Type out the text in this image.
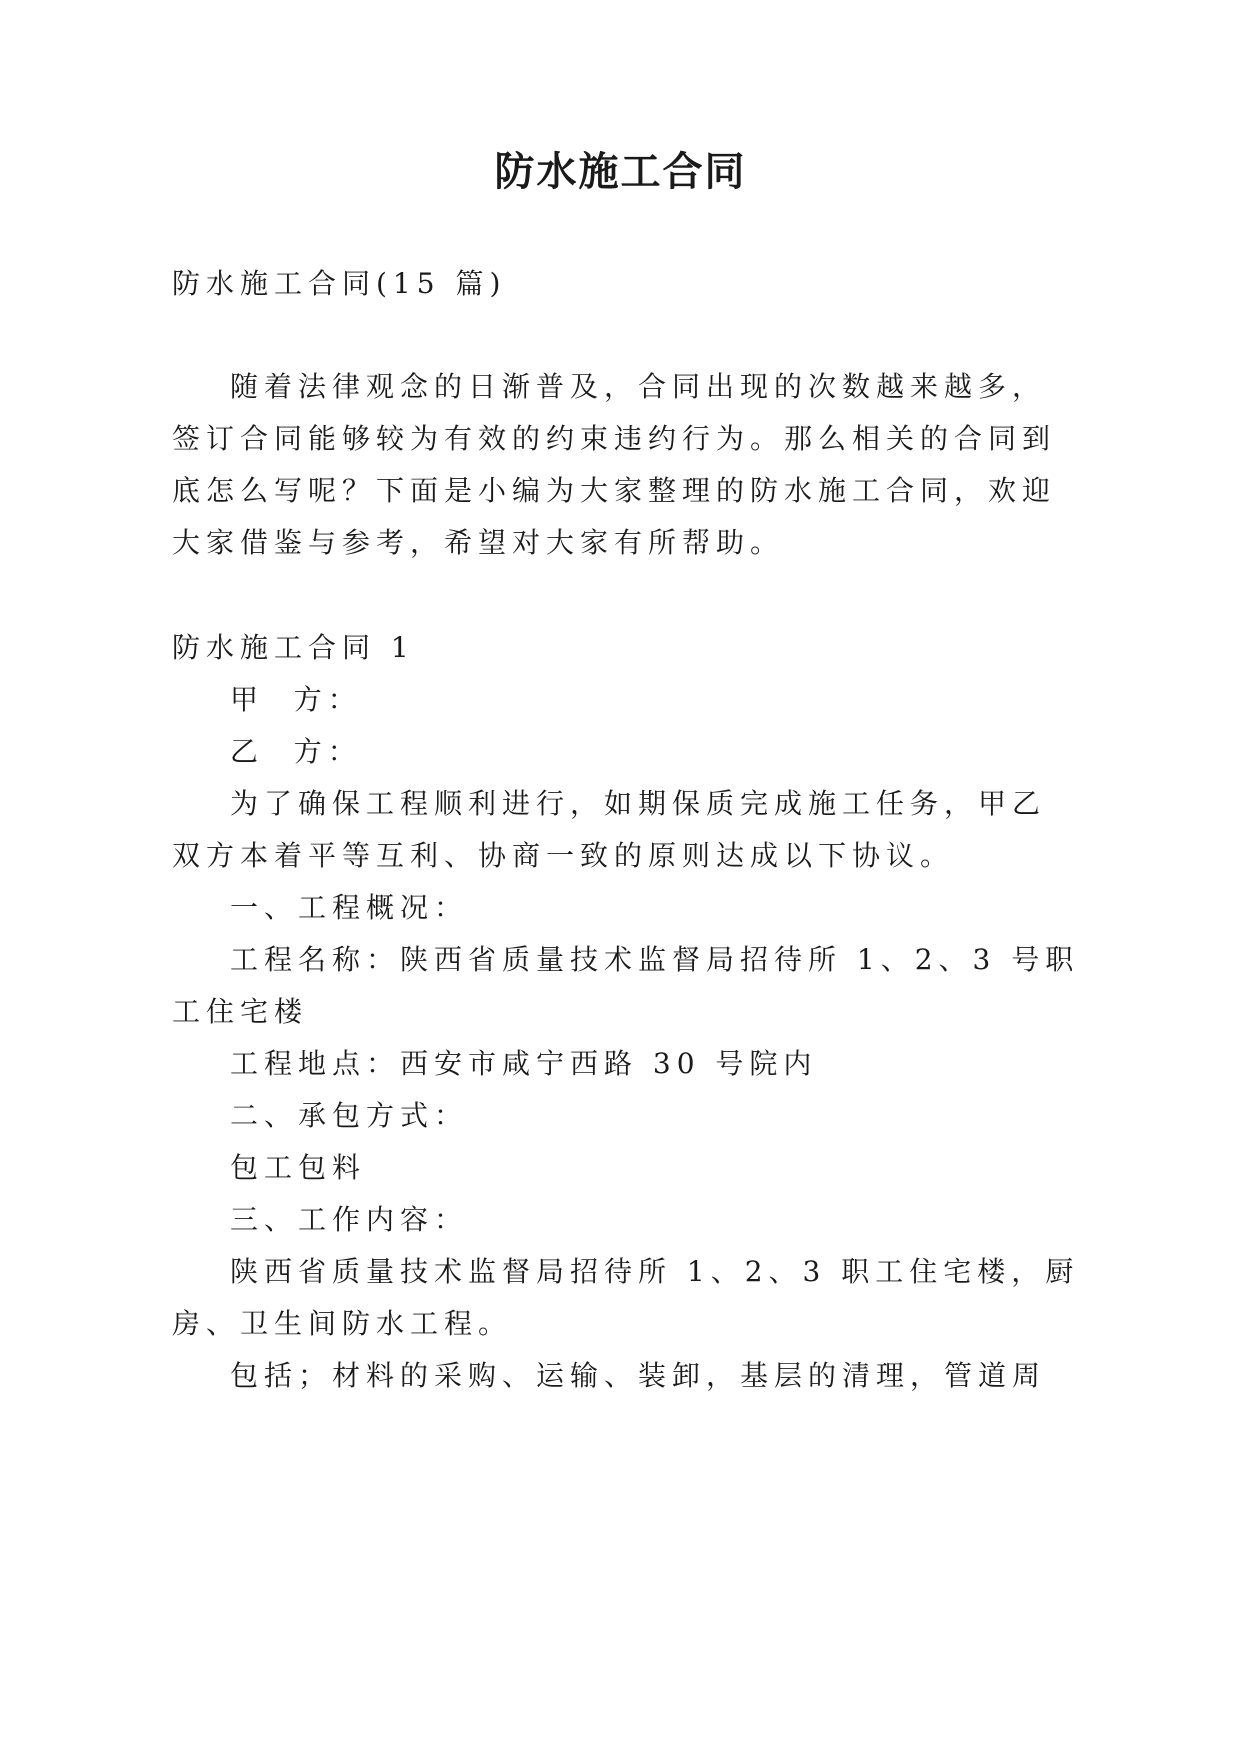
防水施工合同

防水施工合同(15 篇)

随着法律观念的日渐普及，合同出现的次数越来越多，

签订合同能够较为有效的约束违约行为。那么相关的合同到

底怎么写呢？下面是小编为大家整理的防水施工合同，欢迎

大家借鉴与参考，希望对大家有所帮助。

防水施工合同 1

甲  方：

乙  方：

为了确保工程顺利进行，如期保质完成施工任务，甲乙

双方本着平等互利、协商一致的原则达成以下协议。

一、工程概况：

工程名称：陕西省质量技术监督局招待所 1、2、3 号职

工住宅楼

工程地点：西安市咸宁西路 30 号院内

二、承包方式：

包工包料

三、工作内容：

陕西省质量技术监督局招待所 1、2、3 职工住宅楼，厨

房、卫生间防水工程。

包括；材料的采购、运输、装卸，基层的清理，管道周
